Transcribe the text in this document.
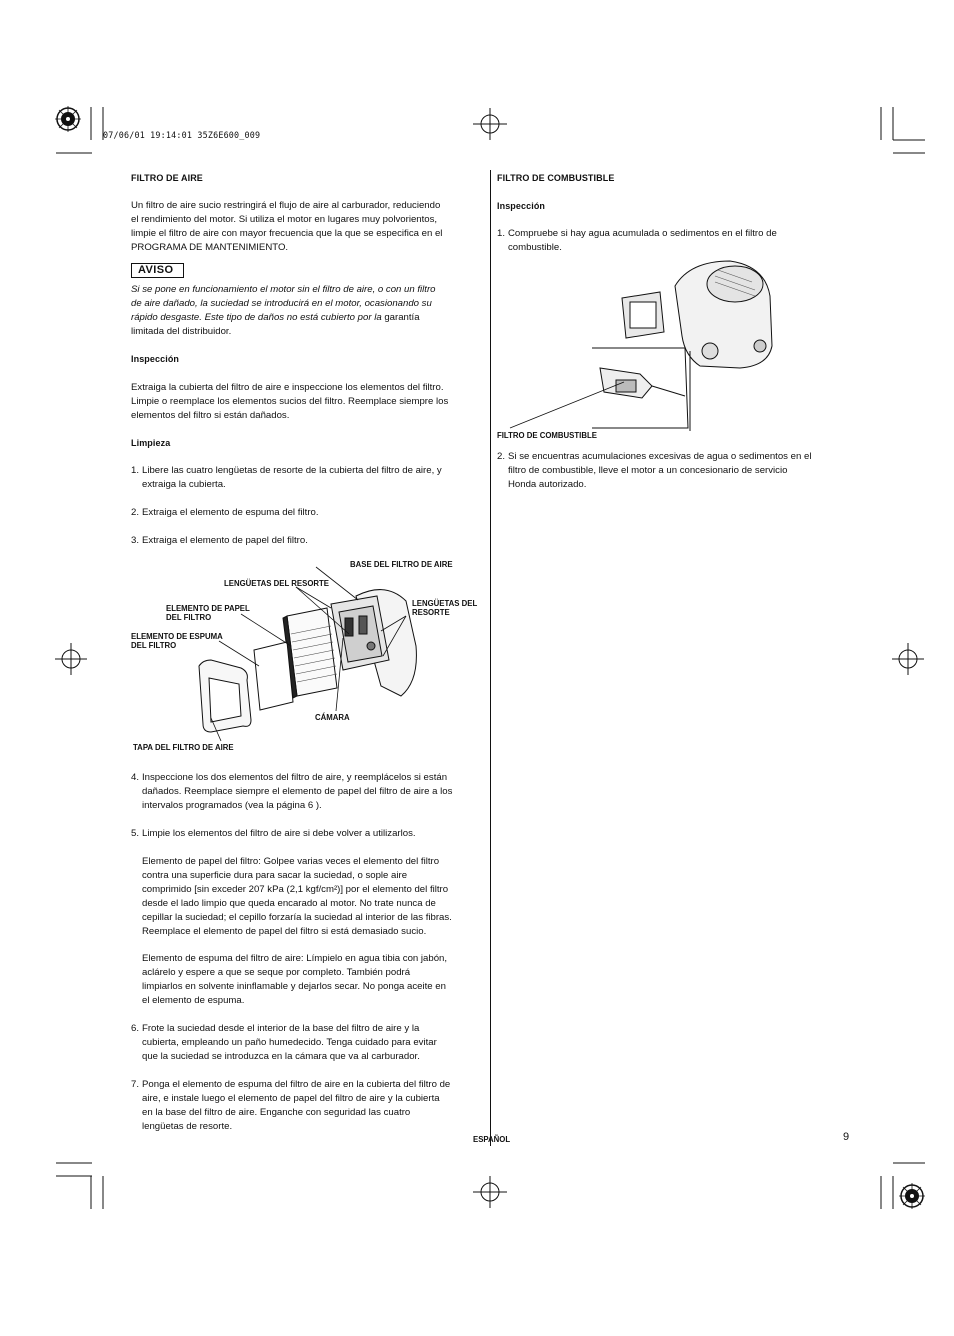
07/06/01 19:14:01 35Z6E600_009
FILTRO DE AIRE
Un filtro de aire sucio restringirá el flujo de aire al carburador, reduciendo
el rendimiento del motor. Si utiliza el motor en lugares muy polvorientos,
limpie el filtro de aire con mayor frecuencia que la que se especifica en el
PROGRAMA DE MANTENIMIENTO.
AVISO
Si se pone en funcionamiento el motor sin el filtro de aire, o con un filtro
de aire dañado, la suciedad se introducirá en el motor, ocasionando su
rápido desgaste. Este tipo de daños no está cubierto por la garantía
limitada del distribuidor.
Inspección
Extraiga la cubierta del filtro de aire e inspeccione los elementos del filtro.
Limpie o reemplace los elementos sucios del filtro. Reemplace siempre los
elementos del filtro si están dañados.
Limpieza
1. Libere las cuatro lengüetas de resorte de la cubierta del filtro de aire, y
extraiga la cubierta.
2. Extraiga el elemento de espuma del filtro.
3. Extraiga el elemento de papel del filtro.
BASE DEL FILTRO DE AIRE
LENGÜETAS DEL RESORTE
LENGÜETAS DEL
RESORTE
ELEMENTO DE PAPEL
DEL FILTRO
ELEMENTO DE ESPUMA
DEL FILTRO
CÁMARA
TAPA DEL FILTRO DE AIRE
4. Inspeccione los dos elementos del filtro de aire, y reemplácelos si están
dañados. Reemplace siempre el elemento de papel del filtro de aire a los
intervalos programados (vea la página 6 ).
5. Limpie los elementos del filtro de aire si debe volver a utilizarlos.
Elemento de papel del filtro: Golpee varias veces el elemento del filtro
contra una superficie dura para sacar la suciedad, o sople aire
comprimido [sin exceder 207 kPa (2,1 kgf/cm²)] por el elemento del filtro
desde el lado limpio que queda encarado al motor. No trate nunca de
cepillar la suciedad; el cepillo forzaría la suciedad al interior de las fibras.
Reemplace el elemento de papel del filtro si está demasiado sucio.
Elemento de espuma del filtro de aire: Límpielo en agua tibia con jabón,
aclárelo y espere a que se seque por completo. También podrá
limpiarlos en solvente ininflamable y dejarlos secar. No ponga aceite en
el elemento de espuma.
6. Frote la suciedad desde el interior de la base del filtro de aire y la
cubierta, empleando un paño humedecido. Tenga cuidado para evitar
que la suciedad se introduzca en la cámara que va al carburador.
7. Ponga el elemento de espuma del filtro de aire en la cubierta del filtro de
aire, e instale luego el elemento de papel del filtro de aire y la cubierta
en la base del filtro de aire. Enganche con seguridad las cuatro
lengüetas de resorte.
FILTRO DE COMBUSTIBLE
Inspección
1. Compruebe si hay agua acumulada o sedimentos en el filtro de
combustible.
FILTRO DE COMBUSTIBLE
2. Si se encuentras acumulaciones excesivas de agua o sedimentos en el
filtro de combustible, lleve el motor a un concesionario de servicio
Honda autorizado.
ESPAÑOL	9
